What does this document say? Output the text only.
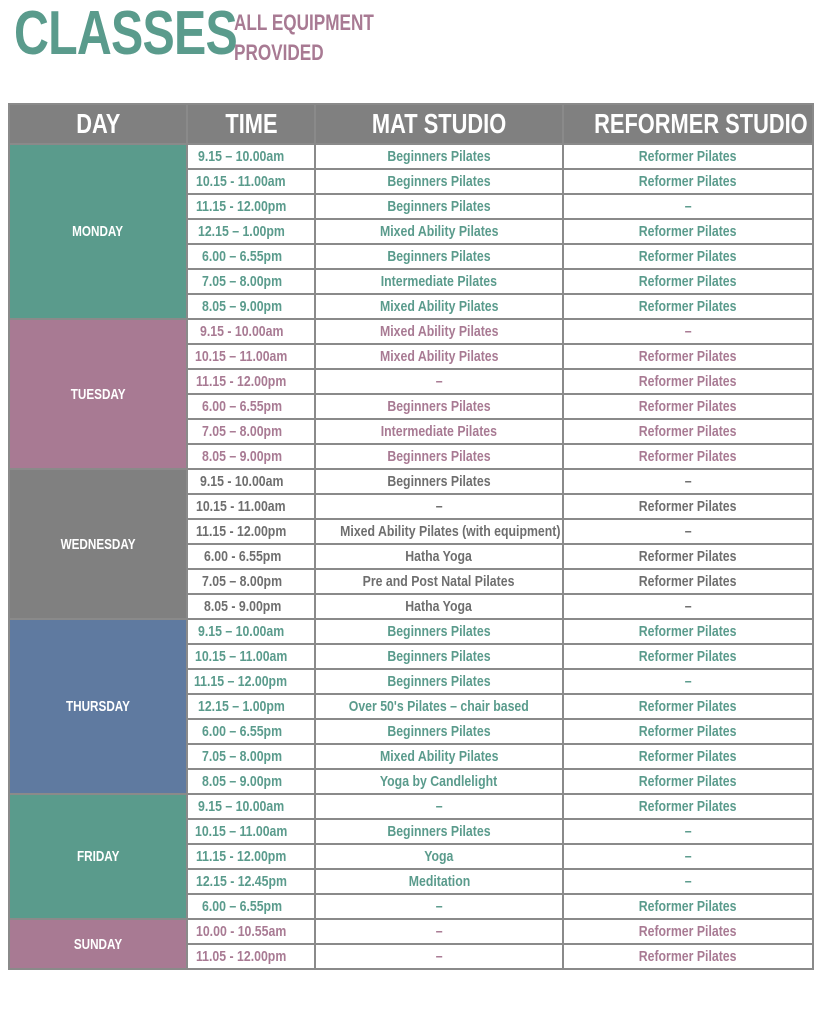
CLASSES
ALL EQUIPMENT
PROVIDED
DAY	TIME	MAT STUDIO	REFORMER STUDIO
MONDAY	9.15 – 10.00am	Beginners Pilates	Reformer Pilates
	10.15 - 11.00am	Beginners Pilates	Reformer Pilates
	11.15 - 12.00pm	Beginners Pilates	–
	12.15 – 1.00pm	Mixed Ability Pilates	Reformer Pilates
	6.00 – 6.55pm	Beginners Pilates	Reformer Pilates
	7.05 – 8.00pm	Intermediate Pilates	Reformer Pilates
	8.05 – 9.00pm	Mixed Ability Pilates	Reformer Pilates
TUESDAY	9.15 - 10.00am	Mixed Ability Pilates	–
	10.15 – 11.00am	Mixed Ability Pilates	Reformer Pilates
	11.15 - 12.00pm	–	Reformer Pilates
	6.00 – 6.55pm	Beginners Pilates	Reformer Pilates
	7.05 – 8.00pm	Intermediate Pilates	Reformer Pilates
	8.05 – 9.00pm	Beginners Pilates	Reformer Pilates
WEDNESDAY	9.15 - 10.00am	Beginners Pilates	–
	10.15 - 11.00am	–	Reformer Pilates
	11.15 - 12.00pm	Mixed Ability Pilates (with equipment)	–
	6.00 - 6.55pm	Hatha Yoga	Reformer Pilates
	7.05 – 8.00pm	Pre and Post Natal Pilates	Reformer Pilates
	8.05 - 9.00pm	Hatha Yoga	–
THURSDAY	9.15 – 10.00am	Beginners Pilates	Reformer Pilates
	10.15 – 11.00am	Beginners Pilates	Reformer Pilates
	11.15 – 12.00pm	Beginners Pilates	–
	12.15 – 1.00pm	Over 50's Pilates – chair based	Reformer Pilates
	6.00 – 6.55pm	Beginners Pilates	Reformer Pilates
	7.05 – 8.00pm	Mixed Ability Pilates	Reformer Pilates
	8.05 – 9.00pm	Yoga by Candlelight	Reformer Pilates
FRIDAY	9.15 – 10.00am	–	Reformer Pilates
	10.15 – 11.00am	Beginners Pilates	–
	11.15 - 12.00pm	Yoga	–
	12.15 - 12.45pm	Meditation	–
	6.00 – 6.55pm	–	Reformer Pilates
SUNDAY	10.00 - 10.55am	–	Reformer Pilates
	11.05 - 12.00pm	–	Reformer Pilates
